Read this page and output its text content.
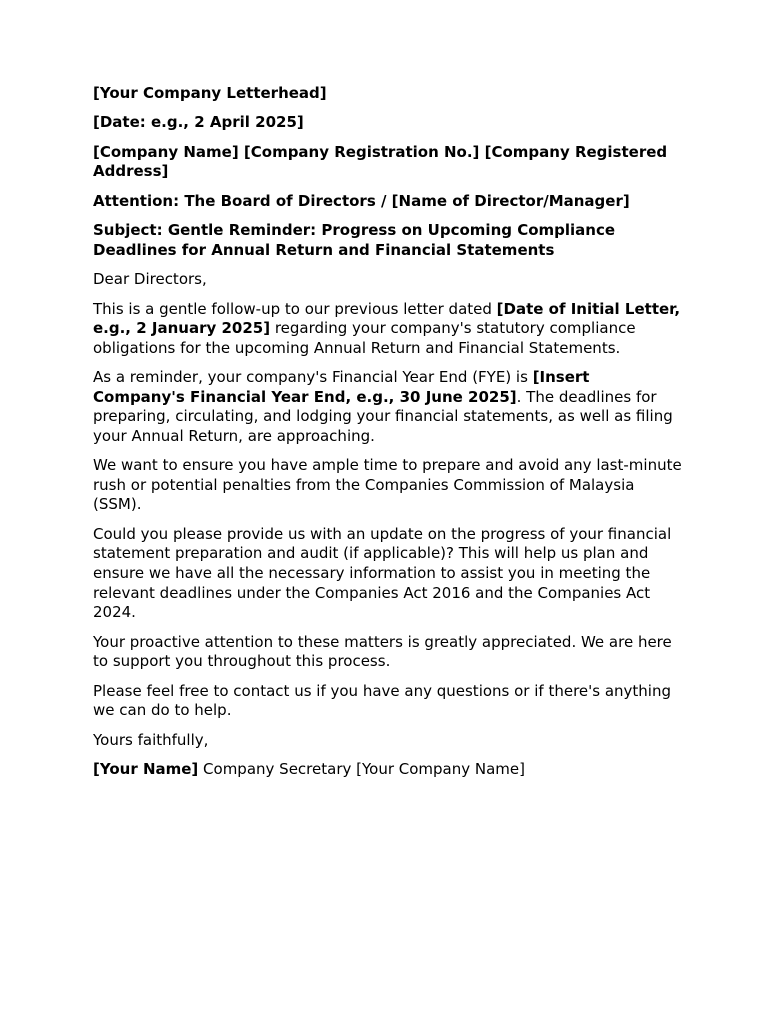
[Your Company Letterhead]

[Date: e.g., 2 April 2025]

[Company Name] [Company Registration No.] [Company Registered Address]

Attention: The Board of Directors / [Name of Director/Manager]

Subject: Gentle Reminder: Progress on Upcoming Compliance Deadlines for Annual Return and Financial Statements

Dear Directors,

This is a gentle follow-up to our previous letter dated [Date of Initial Letter, e.g., 2 January 2025] regarding your company's statutory compliance obligations for the upcoming Annual Return and Financial Statements.

As a reminder, your company's Financial Year End (FYE) is [Insert Company's Financial Year End, e.g., 30 June 2025]. The deadlines for preparing, circulating, and lodging your financial statements, as well as filing your Annual Return, are approaching.

We want to ensure you have ample time to prepare and avoid any last-minute rush or potential penalties from the Companies Commission of Malaysia (SSM).

Could you please provide us with an update on the progress of your financial statement preparation and audit (if applicable)? This will help us plan and ensure we have all the necessary information to assist you in meeting the relevant deadlines under the Companies Act 2016 and the Companies Act 2024.

Your proactive attention to these matters is greatly appreciated. We are here to support you throughout this process.

Please feel free to contact us if you have any questions or if there's anything we can do to help.

Yours faithfully,

[Your Name] Company Secretary [Your Company Name]
